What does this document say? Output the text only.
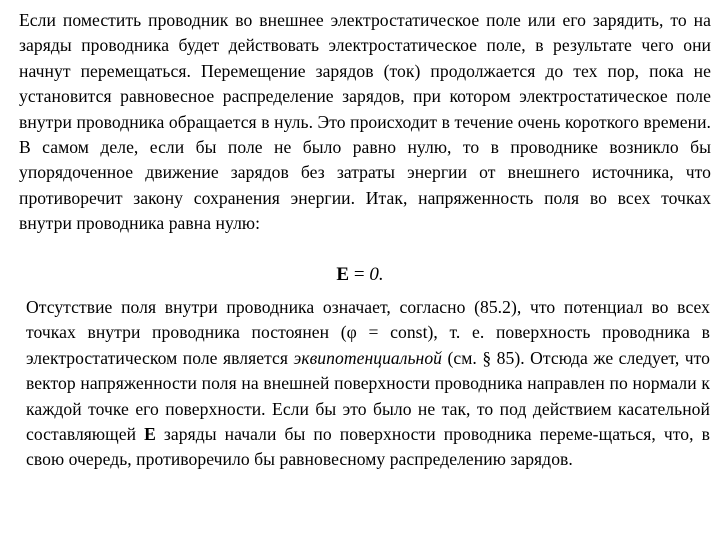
Если поместить проводник во внешнее электростатическое поле или его зарядить, то на заряды проводника будет действовать электростатическое поле, в результате чего они начнут перемещаться. Перемещение зарядов (ток) продолжается до тех пор, пока не установится равновесное распределение зарядов, при котором электростатическое поле внутри проводника обращается в нуль. Это происходит в течение очень короткого времени. В самом деле, если бы поле не было равно нулю, то в проводнике возникло бы упорядоченное движение зарядов без затраты энергии от внешнего источника, что противоречит закону сохранения энергии. Итак, напряженность поля во всех точках внутри проводника равна нулю:

E = 0.

Отсутствие поля внутри проводника означает, согласно (85.2), что потенциал во всех точках внутри проводника постоянен (φ = const), т. е. поверхность проводника в электростатическом поле является эквипотенциальной (см. § 85). Отсюда же следует, что вектор напряженности поля на внешней поверхности проводника направлен по нормали к каждой точке его поверхности. Если бы это было не так, то под действием касательной составляющей E заряды начали бы по поверхности проводника переме-щаться, что, в свою очередь, противоречило бы равновесному распределению зарядов.
